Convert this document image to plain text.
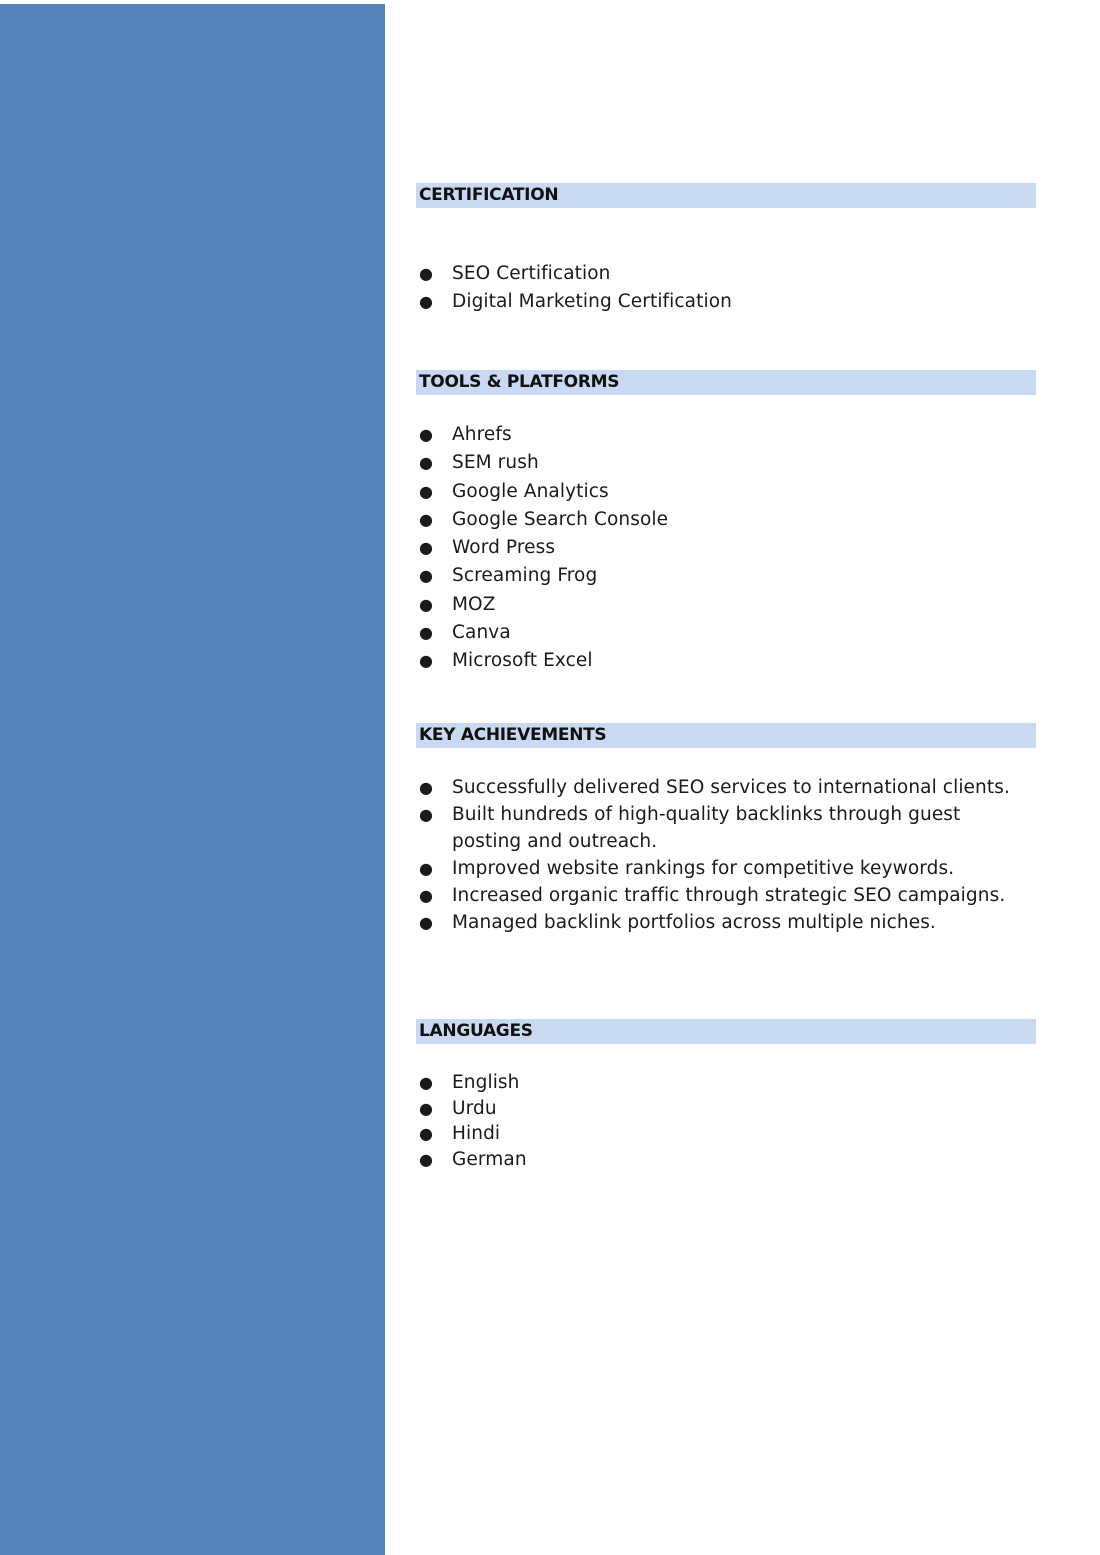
CERTIFICATION
● SEO Certification
● Digital Marketing Certification
TOOLS & PLATFORMS
● Ahrefs
● SEM rush
● Google Analytics
● Google Search Console
● Word Press
● Screaming Frog
● MOZ
● Canva
● Microsoft Excel
KEY ACHIEVEMENTS
● Successfully delivered SEO services to international clients.
● Built hundreds of high-quality backlinks through guest posting and outreach.
● Improved website rankings for competitive keywords.
● Increased organic traffic through strategic SEO campaigns.
● Managed backlink portfolios across multiple niches.
LANGUAGES
● English
● Urdu
● Hindi
● German
